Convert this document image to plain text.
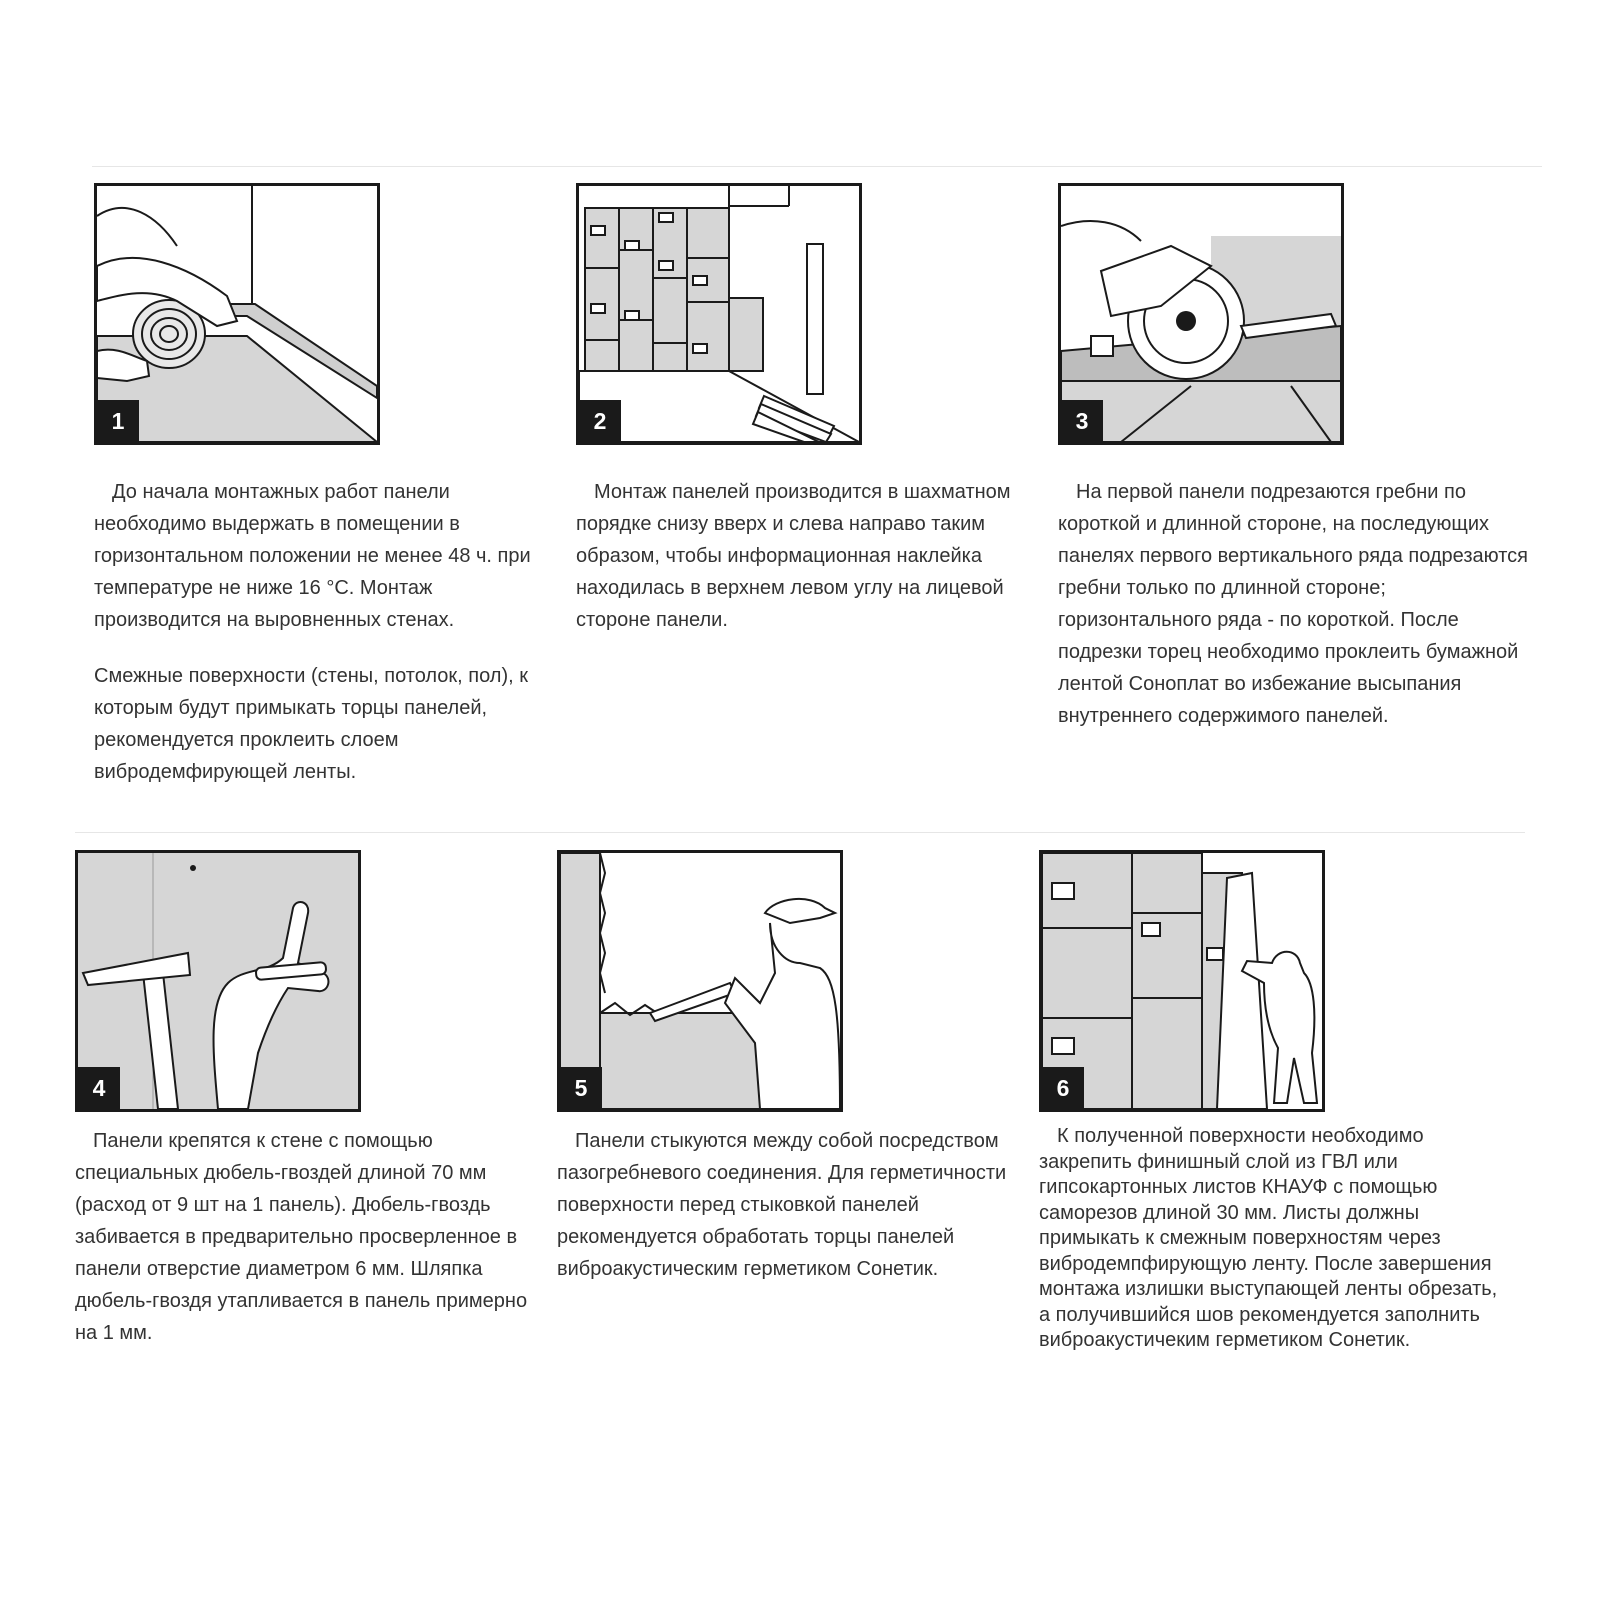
1

До начала монтажных работ панели необходимо выдержать в помещении в горизонтальном положении не менее 48 ч. при температуре не ниже 16 °С. Монтаж производится на выровненных стенах.

Смежные поверхности (стены, потолок, пол), к которым будут примыкать торцы панелей, рекомендуется проклеить слоем вибродемфирующей ленты.

2

Монтаж панелей производится в шахматном порядке снизу вверх и слева направо таким образом, чтобы информационная наклейка находилась в верхнем левом углу на лицевой стороне панели.

3

На первой панели подрезаются гребни по короткой и длинной стороне, на последующих панелях первого вертикального ряда подрезаются гребни только по длинной стороне; горизонтального ряда - по короткой. После подрезки торец необходимо проклеить бумажной лентой Соноплат во избежание высыпания внутреннего содержимого панелей.

4

Панели крепятся к стене с помощью специальных дюбель-гвоздей длиной 70 мм (расход от 9 шт на 1 панель). Дюбель-гвоздь забивается в предварительно просверленное в панели отверстие диаметром 6 мм. Шляпка дюбель-гвоздя утапливается в панель примерно на 1 мм.

5

Панели стыкуются между собой посредством пазогребневого соединения. Для герметичности поверхности перед стыковкой панелей рекомендуется обработать торцы панелей виброакустическим герметиком Сонетик.

6

К полученной поверхности необходимо закрепить финишный слой из ГВЛ или гипсокартонных листов КНАУФ с помощью саморезов длиной 30 мм. Листы должны примыкать к смежным поверхностям через вибродемпфирующую ленту. После завершения монтажа излишки выступающей ленты обрезать, а получившийся шов рекомендуется заполнить виброакустичеким герметиком Сонетик.
